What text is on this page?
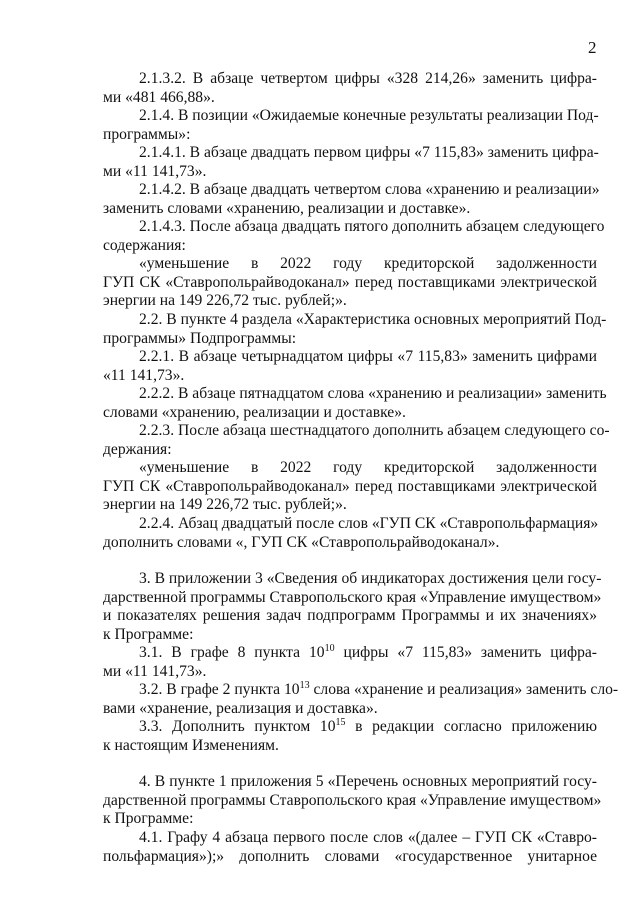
2
2.1.3.2. В абзаце четвертом цифры «328 214,26» заменить цифра-
ми «481 466,88».
2.1.4. В позиции «Ожидаемые конечные результаты реализации Под-
программы»:
2.1.4.1. В абзаце двадцать первом цифры «7 115,83» заменить цифра-
ми «11 141,73».
2.1.4.2. В абзаце двадцать четвертом слова «хранению и реализации»
заменить словами «хранению, реализации и доставке».
2.1.4.3. После абзаца двадцать пятого дополнить абзацем следующего
содержания:
«уменьшение в 2022 году кредиторской задолженности
ГУП СК «Ставропольрайводоканал» перед поставщиками электрической
энергии на 149 226,72 тыс. рублей;».
2.2. В пункте 4 раздела «Характеристика основных мероприятий Под-
программы» Подпрограммы:
2.2.1. В абзаце четырнадцатом цифры «7 115,83» заменить цифрами
«11 141,73».
2.2.2. В абзаце пятнадцатом слова «хранению и реализации» заменить
словами «хранению, реализации и доставке».
2.2.3. После абзаца шестнадцатого дополнить абзацем следующего со-
держания:
«уменьшение в 2022 году кредиторской задолженности
ГУП СК «Ставропольрайводоканал» перед поставщиками электрической
энергии на 149 226,72 тыс. рублей;».
2.2.4. Абзац двадцатый после слов «ГУП СК «Ставропольфармация»
дополнить словами «, ГУП СК «Ставропольрайводоканал».
3. В приложении 3 «Сведения об индикаторах достижения цели госу-
дарственной программы Ставропольского края «Управление имуществом»
и показателях решения задач подпрограмм Программы и их значениях»
к Программе:
3.1. В графе 8 пункта $10^{10}$ цифры «7 115,83» заменить цифра-
ми «11 141,73».
3.2. В графе 2 пункта $10^{13}$ слова «хранение и реализация» заменить сло-
вами «хранение, реализация и доставка».
3.3. Дополнить пунктом $10^{15}$ в редакции согласно приложению
к настоящим Изменениям.
4. В пункте 1 приложения 5 «Перечень основных мероприятий госу-
дарственной программы Ставропольского края «Управление имуществом»
к Программе:
4.1. Графу 4 абзаца первого после слов «(далее – ГУП СК «Ставро-
польфармация»);» дополнить словами «государственное унитарное
